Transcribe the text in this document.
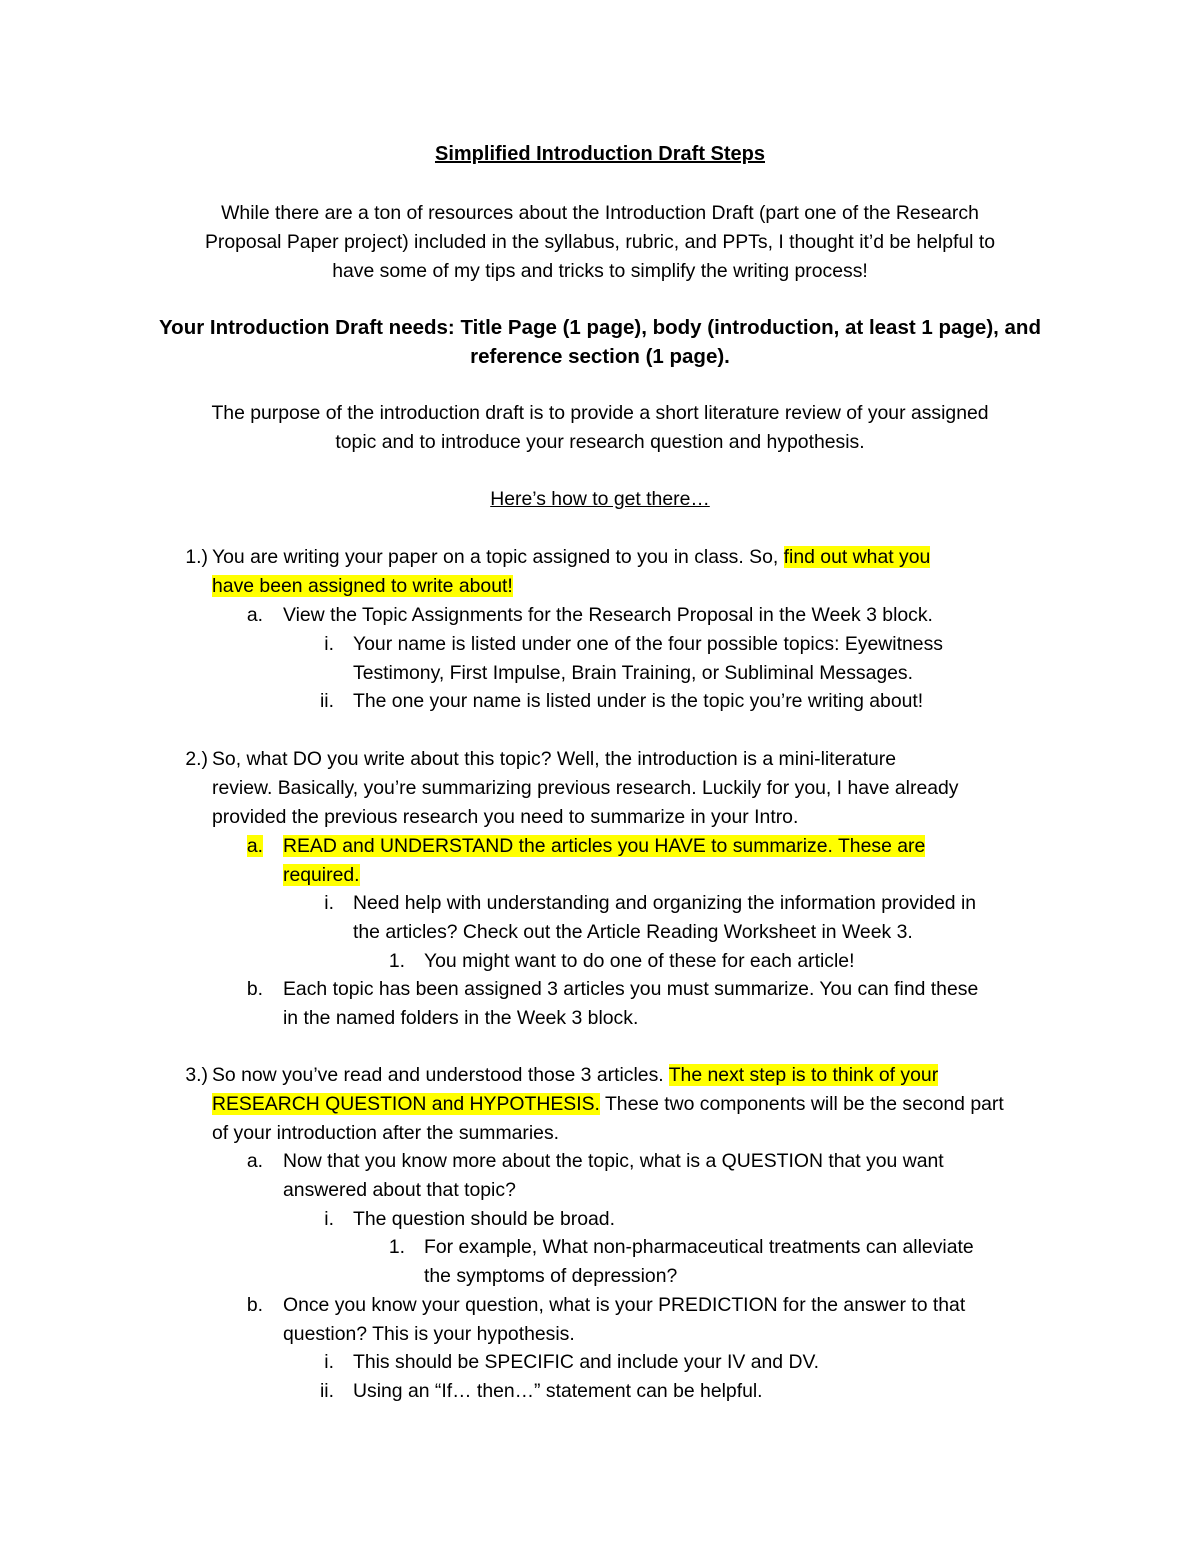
Simplified Introduction Draft Steps
While there are a ton of resources about the Introduction Draft (part one of the Research
Proposal Paper project) included in the syllabus, rubric, and PPTs, I thought it’d be helpful to
have some of my tips and tricks to simplify the writing process!
Your Introduction Draft needs: Title Page (1 page), body (introduction, at least 1 page), and
reference section (1 page).
The purpose of the introduction draft is to provide a short literature review of your assigned
topic and to introduce your research question and hypothesis.
Here’s how to get there…
1.) You are writing your paper on a topic assigned to you in class. So, find out what you
have been assigned to write about!
a. View the Topic Assignments for the Research Proposal in the Week 3 block.
i. Your name is listed under one of the four possible topics: Eyewitness
Testimony, First Impulse, Brain Training, or Subliminal Messages.
ii. The one your name is listed under is the topic you’re writing about!
2.) So, what DO you write about this topic? Well, the introduction is a mini-literature
review. Basically, you’re summarizing previous research. Luckily for you, I have already
provided the previous research you need to summarize in your Intro.
a. READ and UNDERSTAND the articles you HAVE to summarize. These are
required.
i. Need help with understanding and organizing the information provided in
the articles? Check out the Article Reading Worksheet in Week 3.
1. You might want to do one of these for each article!
b. Each topic has been assigned 3 articles you must summarize. You can find these
in the named folders in the Week 3 block.
3.) So now you’ve read and understood those 3 articles. The next step is to think of your
RESEARCH QUESTION and HYPOTHESIS. These two components will be the second part
of your introduction after the summaries.
a. Now that you know more about the topic, what is a QUESTION that you want
answered about that topic?
i. The question should be broad.
1. For example, What non-pharmaceutical treatments can alleviate
the symptoms of depression?
b. Once you know your question, what is your PREDICTION for the answer to that
question? This is your hypothesis.
i. This should be SPECIFIC and include your IV and DV.
ii. Using an “If… then…” statement can be helpful.
